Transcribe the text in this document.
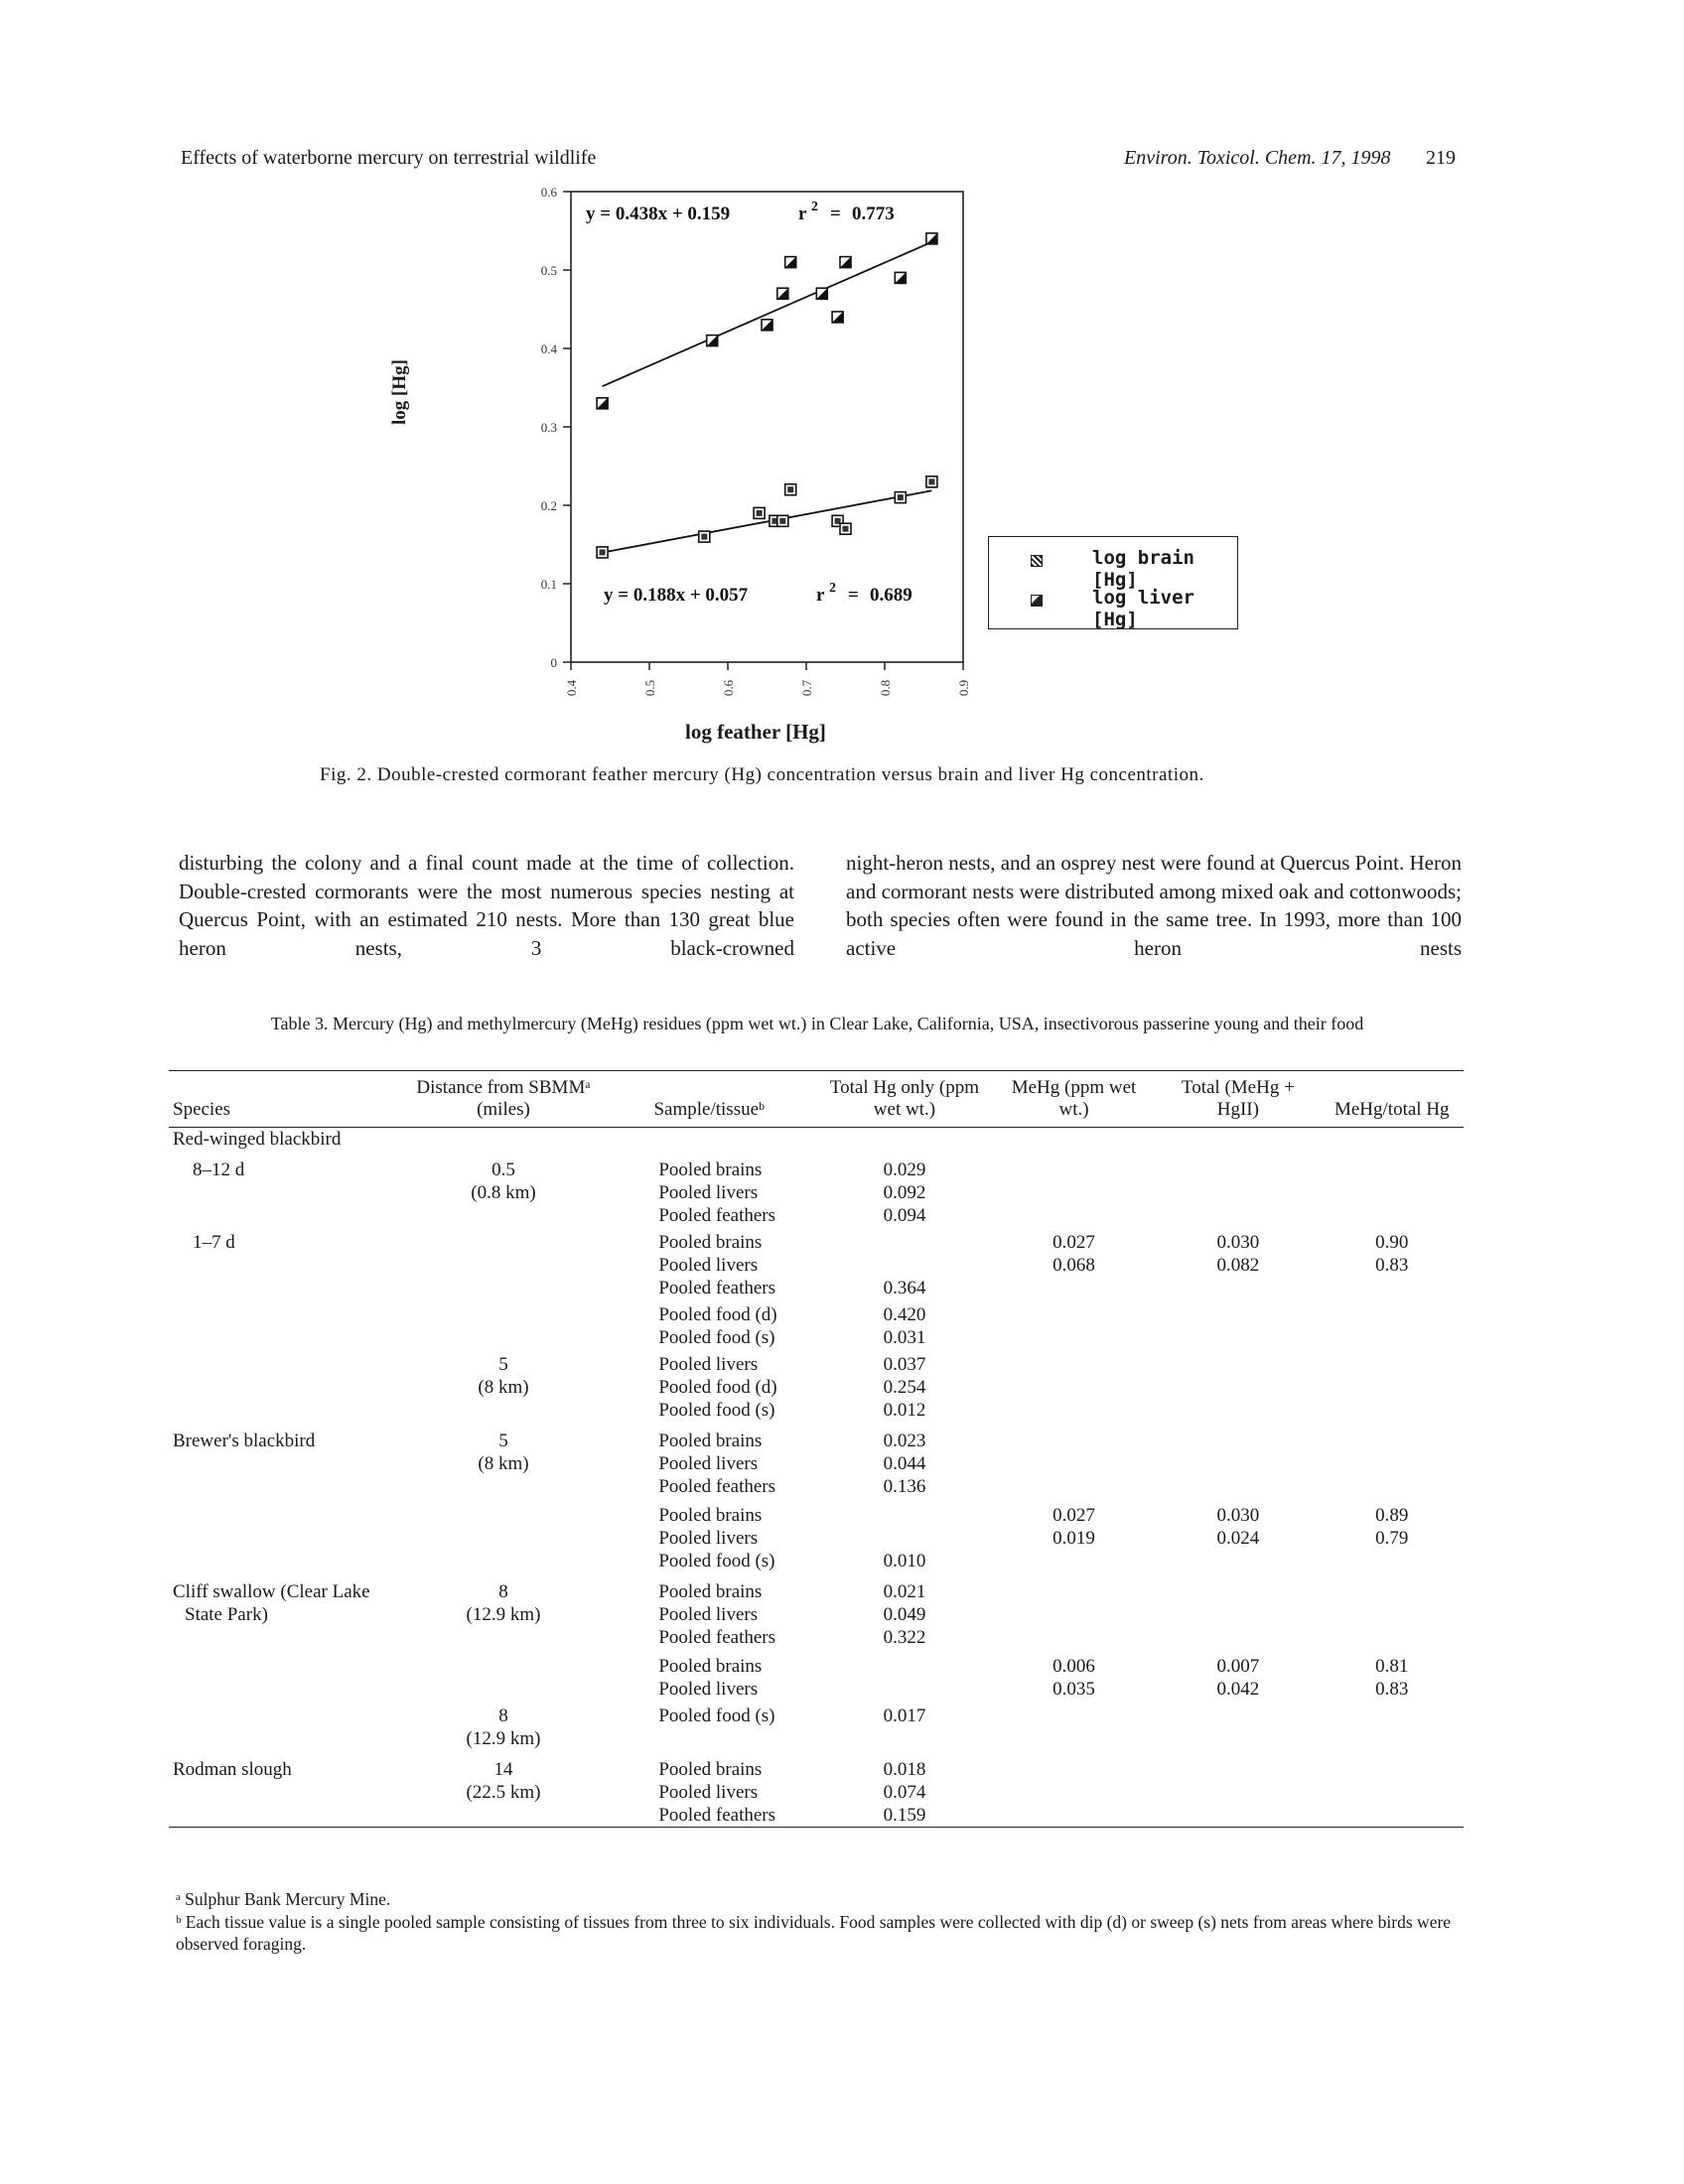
Effects of waterborne mercury on terrestrial wildlife	Environ. Toxicol. Chem. 17, 1998 219
0
0.1
0.2
0.3
0.4
0.5
0.6
0.4	0.5	0.6	0.7	0.8	0.9
y = 0.188x + 0.057	r 2 = 0.689
y = 0.438x + 0.159	r 2 = 0.773
log feather [Hg]
log [Hg]
log brain [Hg]
log liver [Hg]
Fig. 2. Double-crested cormorant feather mercury (Hg) concentration versus brain and liver Hg concentration.
disturbing the colony and a final count made at the time of collection. Double-crested cormorants were the most numerous species nesting at Quercus Point, with an estimated 210 nests. More than 130 great blue heron nests, 3 black-crowned
night-heron nests, and an osprey nest were found at Quercus Point. Heron and cormorant nests were distributed among mixed oak and cottonwoods; both species often were found in the same tree. In 1993, more than 100 active heron nests
Table 3. Mercury (Hg) and methylmercury (MeHg) residues (ppm wet wt.) in Clear Lake, California, USA, insectivorous passerine young and their food
Species	Distance from SBMMᵃ (miles)	Sample/tissueᵇ	Total Hg only (ppm wet wt.)	MeHg (ppm wet wt.)	Total (MeHg + HgII)	MeHg/total Hg
Red-winged blackbird						
8–12 d	0.5	Pooled brains	0.029			
	(0.8 km)	Pooled livers	0.092			
		Pooled feathers	0.094			
1–7 d		Pooled brains		0.027	0.030	0.90
		Pooled livers		0.068	0.082	0.83
		Pooled feathers	0.364			
		Pooled food (d)	0.420			
		Pooled food (s)	0.031			
	5	Pooled livers	0.037			
	(8 km)	Pooled food (d)	0.254			
		Pooled food (s)	0.012			
Brewer's blackbird	5	Pooled brains	0.023			
	(8 km)	Pooled livers	0.044			
		Pooled feathers	0.136			
		Pooled brains		0.027	0.030	0.89
		Pooled livers		0.019	0.024	0.79
		Pooled food (s)	0.010			
Cliff swallow (Clear Lake	8	Pooled brains	0.021			
State Park)	(12.9 km)	Pooled livers	0.049			
		Pooled feathers	0.322			
		Pooled brains		0.006	0.007	0.81
		Pooled livers		0.035	0.042	0.83
	8	Pooled food (s)	0.017			
	(12.9 km)					
Rodman slough	14	Pooled brains	0.018			
	(22.5 km)	Pooled livers	0.074			
		Pooled feathers	0.159			
ᵃ Sulphur Bank Mercury Mine.
ᵇ Each tissue value is a single pooled sample consisting of tissues from three to six individuals. Food samples were collected with dip (d) or sweep (s) nets from areas where birds were observed foraging.
